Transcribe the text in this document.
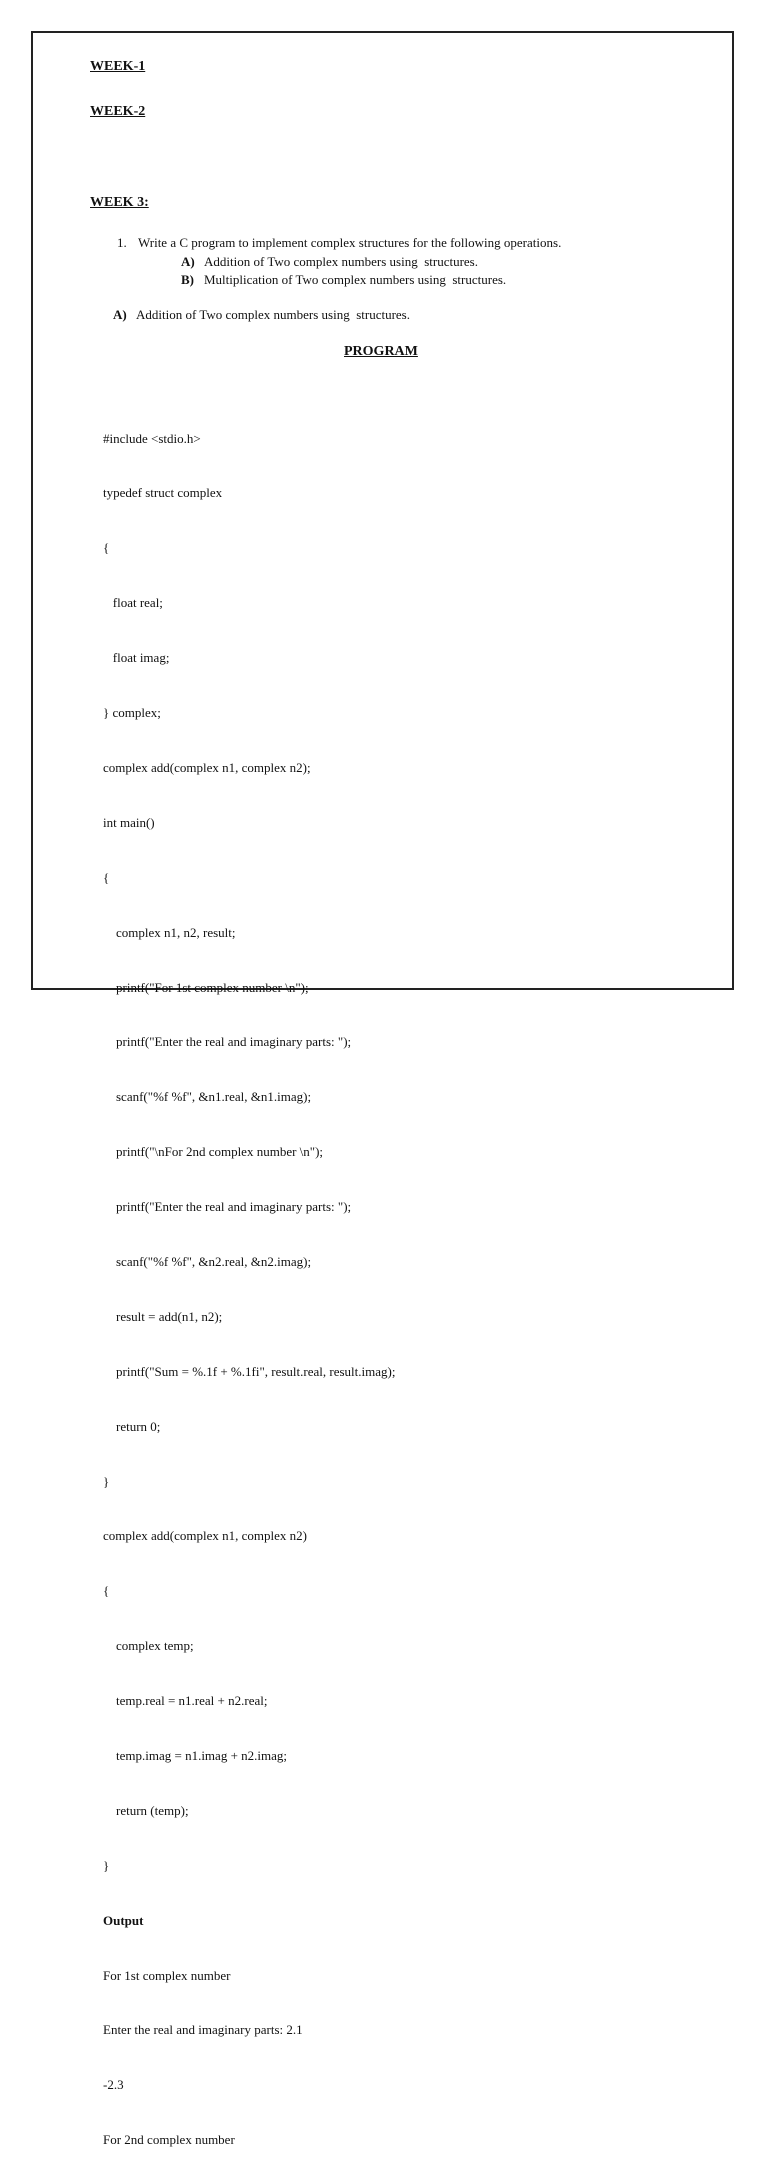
WEEK-1
WEEK-2
WEEK 3:
1. Write a C program to implement complex structures for the following operations.
A) Addition of Two complex numbers using  structures.
B) Multiplication of Two complex numbers using  structures.
A) Addition of Two complex numbers using  structures.
PROGRAM

#include <stdio.h>

typedef struct complex

{

float real;

float imag;

} complex;

complex add(complex n1, complex n2);

int main()

{

complex n1, n2, result;

printf("For 1st complex number \n");

printf("Enter the real and imaginary parts: ");

scanf("%f %f", &n1.real, &n1.imag);

printf("\nFor 2nd complex number \n");

printf("Enter the real and imaginary parts: ");

scanf("%f %f", &n2.real, &n2.imag);

result = add(n1, n2);

printf("Sum = %.1f + %.1fi", result.real, result.imag);

return 0;

}

complex add(complex n1, complex n2)

{

complex temp;

temp.real = n1.real + n2.real;

temp.imag = n1.imag + n2.imag;

return (temp);

}

Output

For 1st complex number

Enter the real and imaginary parts: 2.1

-2.3

For 2nd complex number
